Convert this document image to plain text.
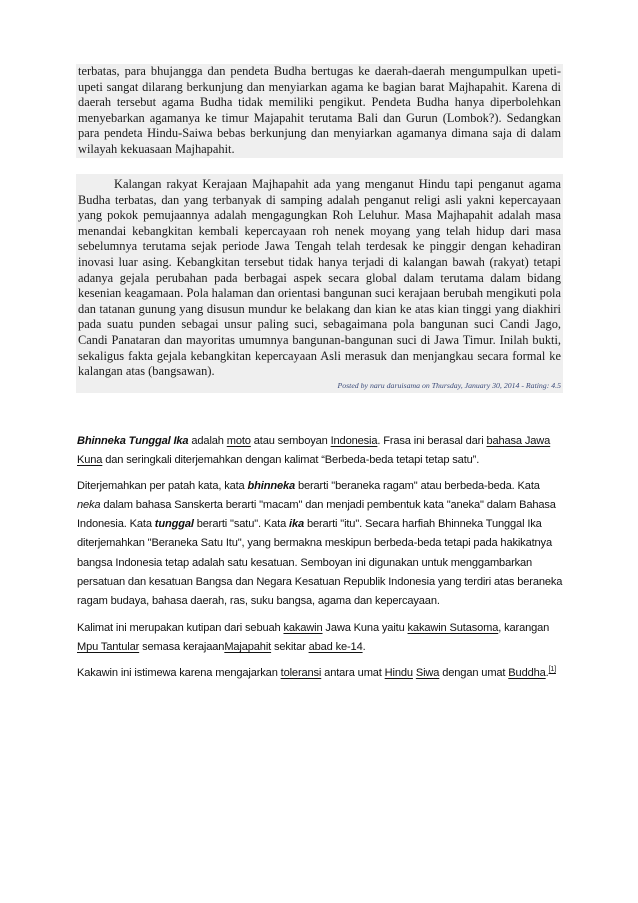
terbatas, para bhujangga dan pendeta Budha bertugas ke daerah-daerah mengumpulkan upeti-upeti sangat dilarang berkunjung dan menyiarkan agama ke bagian barat Majhapahit. Karena di daerah tersebut agama Budha tidak memiliki pengikut. Pendeta Budha hanya diperbolehkan menyebarkan agamanya ke timur Majapahit terutama Bali dan Gurun (Lombok?). Sedangkan para pendeta Hindu-Saiwa bebas berkunjung dan menyiarkan agamanya dimana saja di dalam wilayah kekuasaan Majhapahit.

Kalangan rakyat Kerajaan Majhapahit ada yang menganut Hindu tapi penganut agama Budha terbatas, dan yang terbanyak di samping adalah penganut religi asli yakni kepercayaan yang pokok pemujaannya adalah mengagungkan Roh Leluhur. Masa Majhapahit adalah masa menandai kebangkitan kembali kepercayaan roh nenek moyang yang telah hidup dari masa sebelumnya terutama sejak periode Jawa Tengah telah terdesak ke pinggir dengan kehadiran inovasi luar asing. Kebangkitan tersebut tidak hanya terjadi di kalangan bawah (rakyat) tetapi adanya gejala perubahan pada berbagai aspek secara global dalam terutama dalam bidang kesenian keagamaan. Pola halaman dan orientasi bangunan suci kerajaan berubah mengikuti pola dan tatanan gunung yang disusun mundur ke belakang dan kian ke atas kian tinggi yang diakhiri pada suatu punden sebagai unsur paling suci, sebagaimana pola bangunan suci Candi Jago, Candi Panataran dan mayoritas umumnya bangunan-bangunan suci di Jawa Timur. Inilah bukti, sekaligus fakta gejala kebangkitan kepercayaan Asli merasuk dan menjangkau secara formal ke kalangan atas (bangsawan).

Posted by naru daruisama on Thursday, January 30, 2014 - Rating: 4.5

Bhinneka Tunggal Ika adalah moto atau semboyan Indonesia. Frasa ini berasal dari bahasa Jawa Kuna dan seringkali diterjemahkan dengan kalimat “Berbeda-beda tetapi tetap satu”.

Diterjemahkan per patah kata, kata bhinneka berarti "beraneka ragam" atau berbeda-beda. Kata neka dalam bahasa Sanskerta berarti "macam" dan menjadi pembentuk kata "aneka" dalam Bahasa Indonesia. Kata tunggal berarti "satu". Kata ika berarti "itu". Secara harfiah Bhinneka Tunggal Ika diterjemahkan "Beraneka Satu Itu", yang bermakna meskipun berbeda-beda tetapi pada hakikatnya bangsa Indonesia tetap adalah satu kesatuan. Semboyan ini digunakan untuk menggambarkan persatuan dan kesatuan Bangsa dan Negara Kesatuan Republik Indonesia yang terdiri atas beraneka ragam budaya, bahasa daerah, ras, suku bangsa, agama dan kepercayaan.

Kalimat ini merupakan kutipan dari sebuah kakawin Jawa Kuna yaitu kakawin Sutasoma, karangan Mpu Tantular semasa kerajaanMajapahit sekitar abad ke-14.

Kakawin ini istimewa karena mengajarkan toleransi antara umat Hindu Siwa dengan umat Buddha.[1]
